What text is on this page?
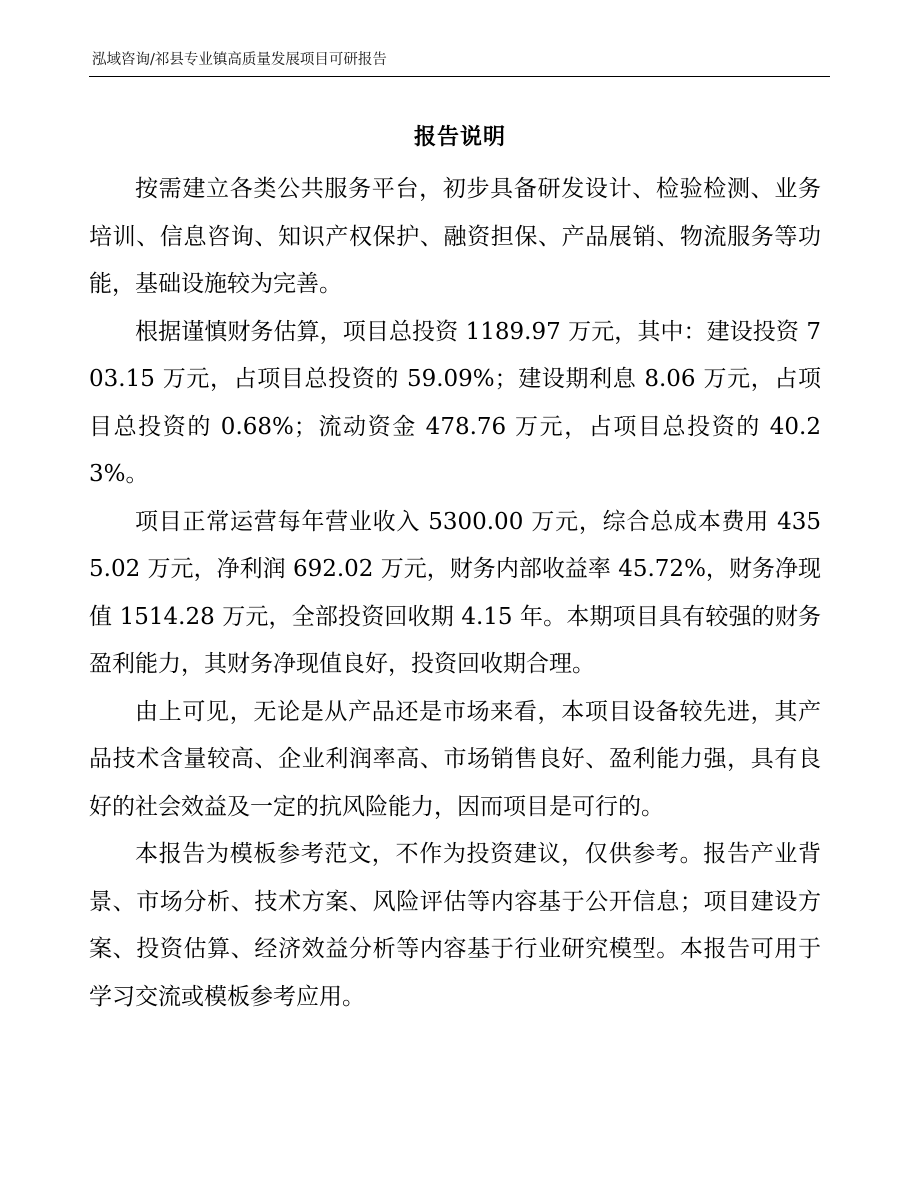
泓域咨询/祁县专业镇高质量发展项目可研报告
报告说明

按需建立各类公共服务平台，初步具备研发设计、检验检测、业务培训、信息咨询、知识产权保护、融资担保、产品展销、物流服务等功能，基础设施较为完善。

根据谨慎财务估算，项目总投资 1189.97 万元，其中：建设投资 703.15 万元，占项目总投资的 59.09%；建设期利息 8.06 万元，占项目总投资的 0.68%；流动资金 478.76 万元，占项目总投资的 40.23%。

项目正常运营每年营业收入 5300.00 万元，综合总成本费用 4355.02 万元，净利润 692.02 万元，财务内部收益率 45.72%，财务净现值 1514.28 万元，全部投资回收期 4.15 年。本期项目具有较强的财务盈利能力，其财务净现值良好，投资回收期合理。

由上可见，无论是从产品还是市场来看，本项目设备较先进，其产品技术含量较高、企业利润率高、市场销售良好、盈利能力强，具有良好的社会效益及一定的抗风险能力，因而项目是可行的。

本报告为模板参考范文，不作为投资建议，仅供参考。报告产业背景、市场分析、技术方案、风险评估等内容基于公开信息；项目建设方案、投资估算、经济效益分析等内容基于行业研究模型。本报告可用于学习交流或模板参考应用。
